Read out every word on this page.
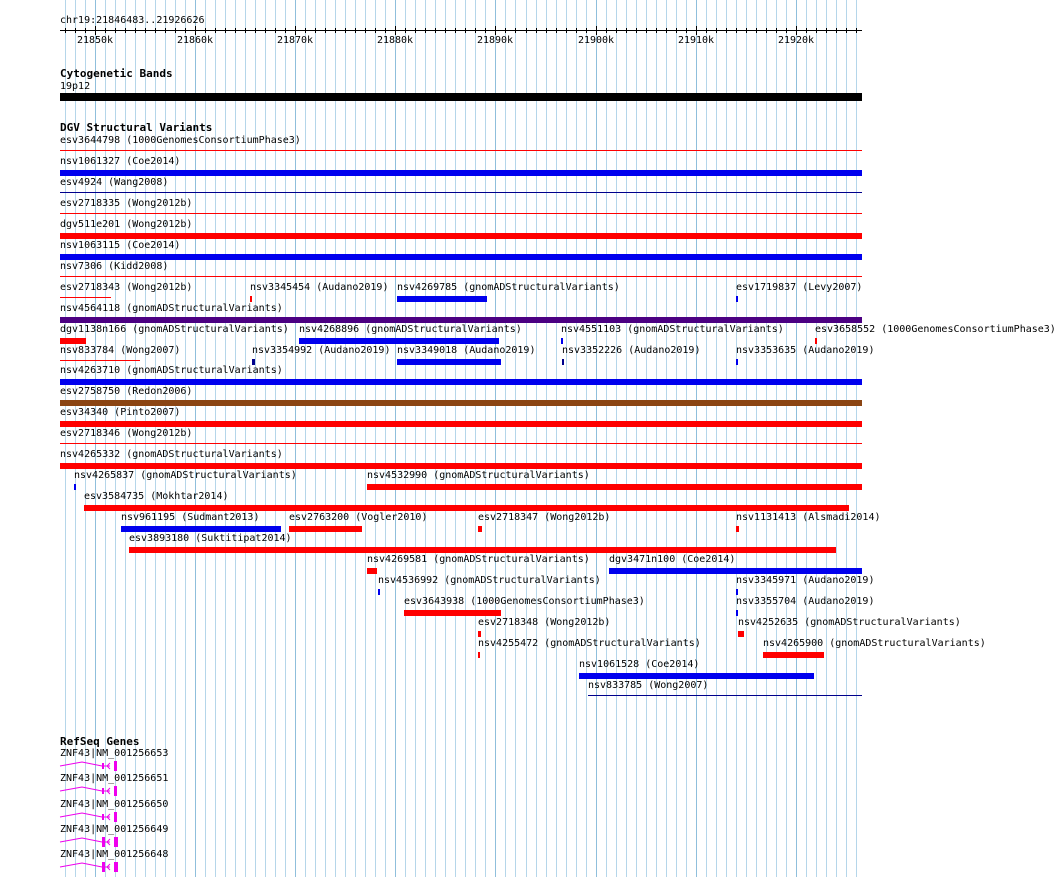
chr19:21846483..21926626
21850k	21860k	21870k	21880k	21890k	21900k	21910k	21920k
Cytogenetic Bands
19p12
DGV Structural Variants
esv3644798 (1000GenomesConsortiumPhase3)
nsv1061327 (Coe2014)
esv4924 (Wang2008)
esv2718335 (Wong2012b)
dgv511e201 (Wong2012b)
nsv1063115 (Coe2014)
nsv7306 (Kidd2008)
esv2718343 (Wong2012b)	nsv3345454 (Audano2019) nsv4269785 (gnomADStructuralVariants)	esv1719837 (Levy2007)
nsv4564118 (gnomADStructuralVariants)
dgv1138n166 (gnomADStructuralVariants) nsv4268896 (gnomADStructuralVariants)	nsv4551103 (gnomADStructuralVariants)	esv3658552 (1000GenomesConsortiumPhase3)
nsv833784 (Wong2007)	nsv3354992 (Audano2019) nsv3349018 (Audano2019)	nsv3352226 (Audano2019)	nsv3353635 (Audano2019)
nsv4263710 (gnomADStructuralVariants)
esv2758750 (Redon2006)
esv34340 (Pinto2007)
esv2718346 (Wong2012b)
nsv4265332 (gnomADStructuralVariants)
nsv4265837 (gnomADStructuralVariants)	nsv4532990 (gnomADStructuralVariants)
esv3584735 (Mokhtar2014)
nsv961195 (Sudmant2013)	esv2763200 (Vogler2010)	esv2718347 (Wong2012b)	nsv1131413 (Alsmadi2014)
esv3893180 (Suktitipat2014)
nsv4269581 (gnomADStructuralVariants) dgv3471n100 (Coe2014)
nsv4536992 (gnomADStructuralVariants)	nsv3345971 (Audano2019)
esv3643938 (1000GenomesConsortiumPhase3)	nsv3355704 (Audano2019)
esv2718348 (Wong2012b)	nsv4252635 (gnomADStructuralVariants)
nsv4255472 (gnomADStructuralVariants)	nsv4265900 (gnomADStructuralVariants)
nsv1061528 (Coe2014)
nsv833785 (Wong2007)
RefSeq Genes
ZNF43|NM_001256653
ZNF43|NM_001256651
ZNF43|NM_001256650
ZNF43|NM_001256649
ZNF43|NM_001256648
